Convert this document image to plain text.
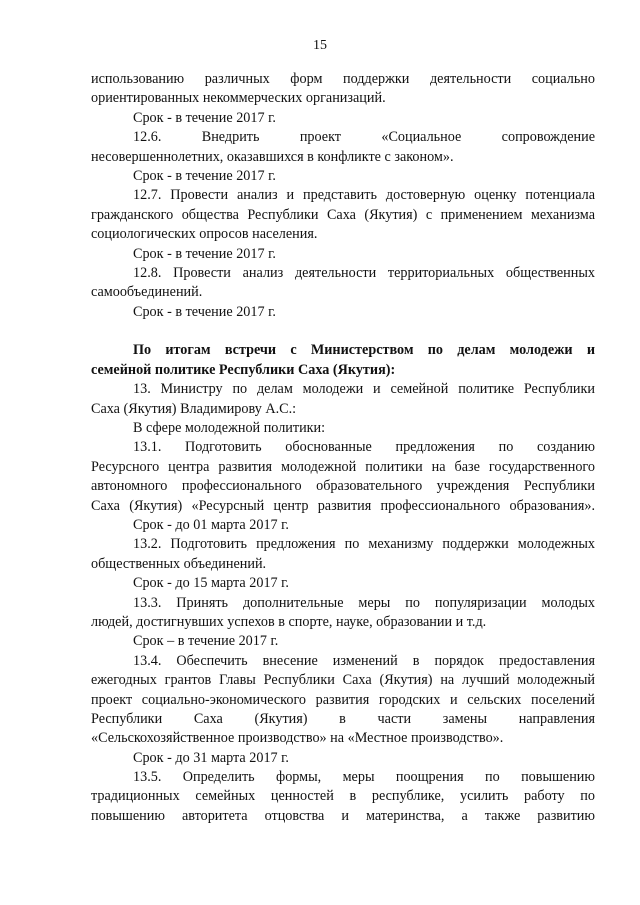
15
использованию различных форм поддержки деятельности социально
ориентированных некоммерческих организаций.
Срок - в течение 2017 г.
12.6. Внедрить проект «Социальное сопровождение
несовершеннолетних, оказавшихся в конфликте с законом».
Срок - в течение 2017 г.
12.7. Провести анализ и представить достоверную оценку потенциала
гражданского общества Республики Саха (Якутия) с применением механизма
социологических опросов населения.
Срок - в течение 2017 г.
12.8. Провести анализ деятельности территориальных общественных
самообъединений.
Срок - в течение 2017 г.
По итогам встречи с Министерством по делам молодежи и
семейной политике Республики Саха (Якутия):
13. Министру по делам молодежи и семейной политике Республики
Саха (Якутия) Владимирову А.С.:
В сфере молодежной политики:
13.1. Подготовить обоснованные предложения по созданию
Ресурсного центра развития молодежной политики на базе государственного
автономного профессионального образовательного учреждения Республики
Саха (Якутия) «Ресурсный центр развития профессионального образования».
Срок - до 01 марта 2017 г.
13.2. Подготовить предложения по механизму поддержки молодежных
общественных объединений.
Срок - до 15 марта 2017 г.
13.3. Принять дополнительные меры по популяризации молодых
людей, достигнувших успехов в спорте, науке, образовании и т.д.
Срок – в течение 2017 г.
13.4. Обеспечить внесение изменений в порядок предоставления
ежегодных грантов Главы Республики Саха (Якутия) на лучший молодежный
проект социально-экономического развития городских и сельских поселений
Республики Саха (Якутия) в части замены направления
«Сельскохозяйственное производство» на «Местное производство».
Срок - до 31 марта 2017 г.
13.5. Определить формы, меры поощрения по повышению
традиционных семейных ценностей в республике, усилить работу по
повышению авторитета отцовства и материнства, а также развитию
